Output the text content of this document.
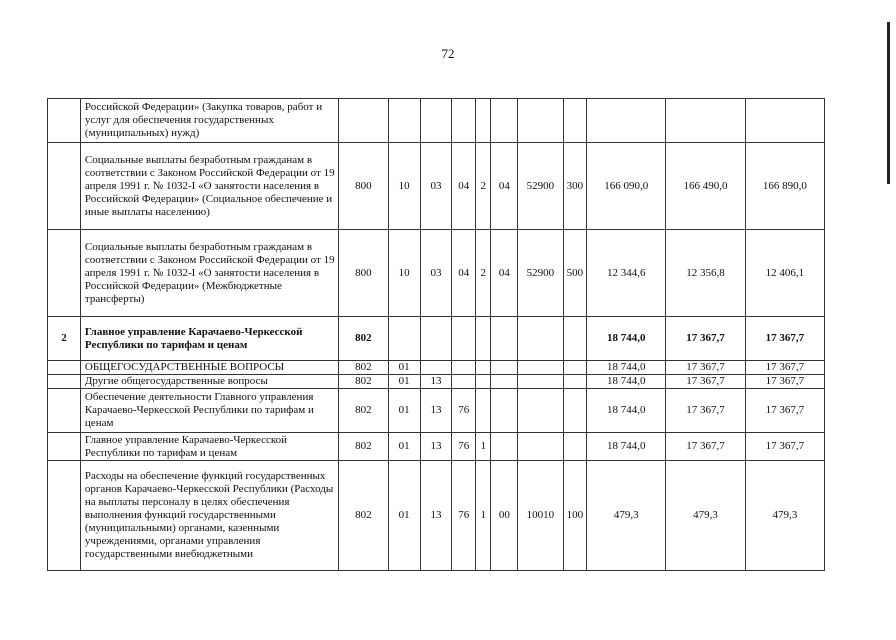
72
	Российской Федерации» (Закупка товаров, работ и услуг для обеспечения государственных (муниципальных) нужд)											
	Социальные выплаты безработным гражданам в соответствии с Законом Российской Федерации от 19 апреля 1991 г. № 1032-I «О занятости населения в Российской Федерации» (Социальное обеспечение и иные выплаты населению)	800	10	03	04	2	04	52900	300	166 090,0	166 490,0	166 890,0
	Социальные выплаты безработным гражданам в соответствии с Законом Российской Федерации от 19 апреля 1991 г. № 1032-I «О занятости населения в Российской Федерации» (Межбюджетные трансферты)	800	10	03	04	2	04	52900	500	12 344,6	12 356,8	12 406,1
2	Главное управление Карачаево-Черкесской Республики по тарифам и ценам	802								18 744,0	17 367,7	17 367,7
	ОБЩЕГОСУДАРСТВЕННЫЕ ВОПРОСЫ	802	01							18 744,0	17 367,7	17 367,7
	Другие общегосударственные вопросы	802	01	13						18 744,0	17 367,7	17 367,7
	Обеспечение деятельности Главного управления Карачаево-Черкесской Республики по тарифам и ценам	802	01	13	76					18 744,0	17 367,7	17 367,7
	Главное управление Карачаево-Черкесской Республики по тарифам и ценам	802	01	13	76	1				18 744,0	17 367,7	17 367,7
	Расходы на обеспечение функций государственных органов Карачаево-Черкесской Республики (Расходы на выплаты персоналу в целях обеспечения выполнения функций государственными (муниципальными) органами, казенными учреждениями, органами управления государственными внебюджетными	802	01	13	76	1	00	10010	100	479,3	479,3	479,3
